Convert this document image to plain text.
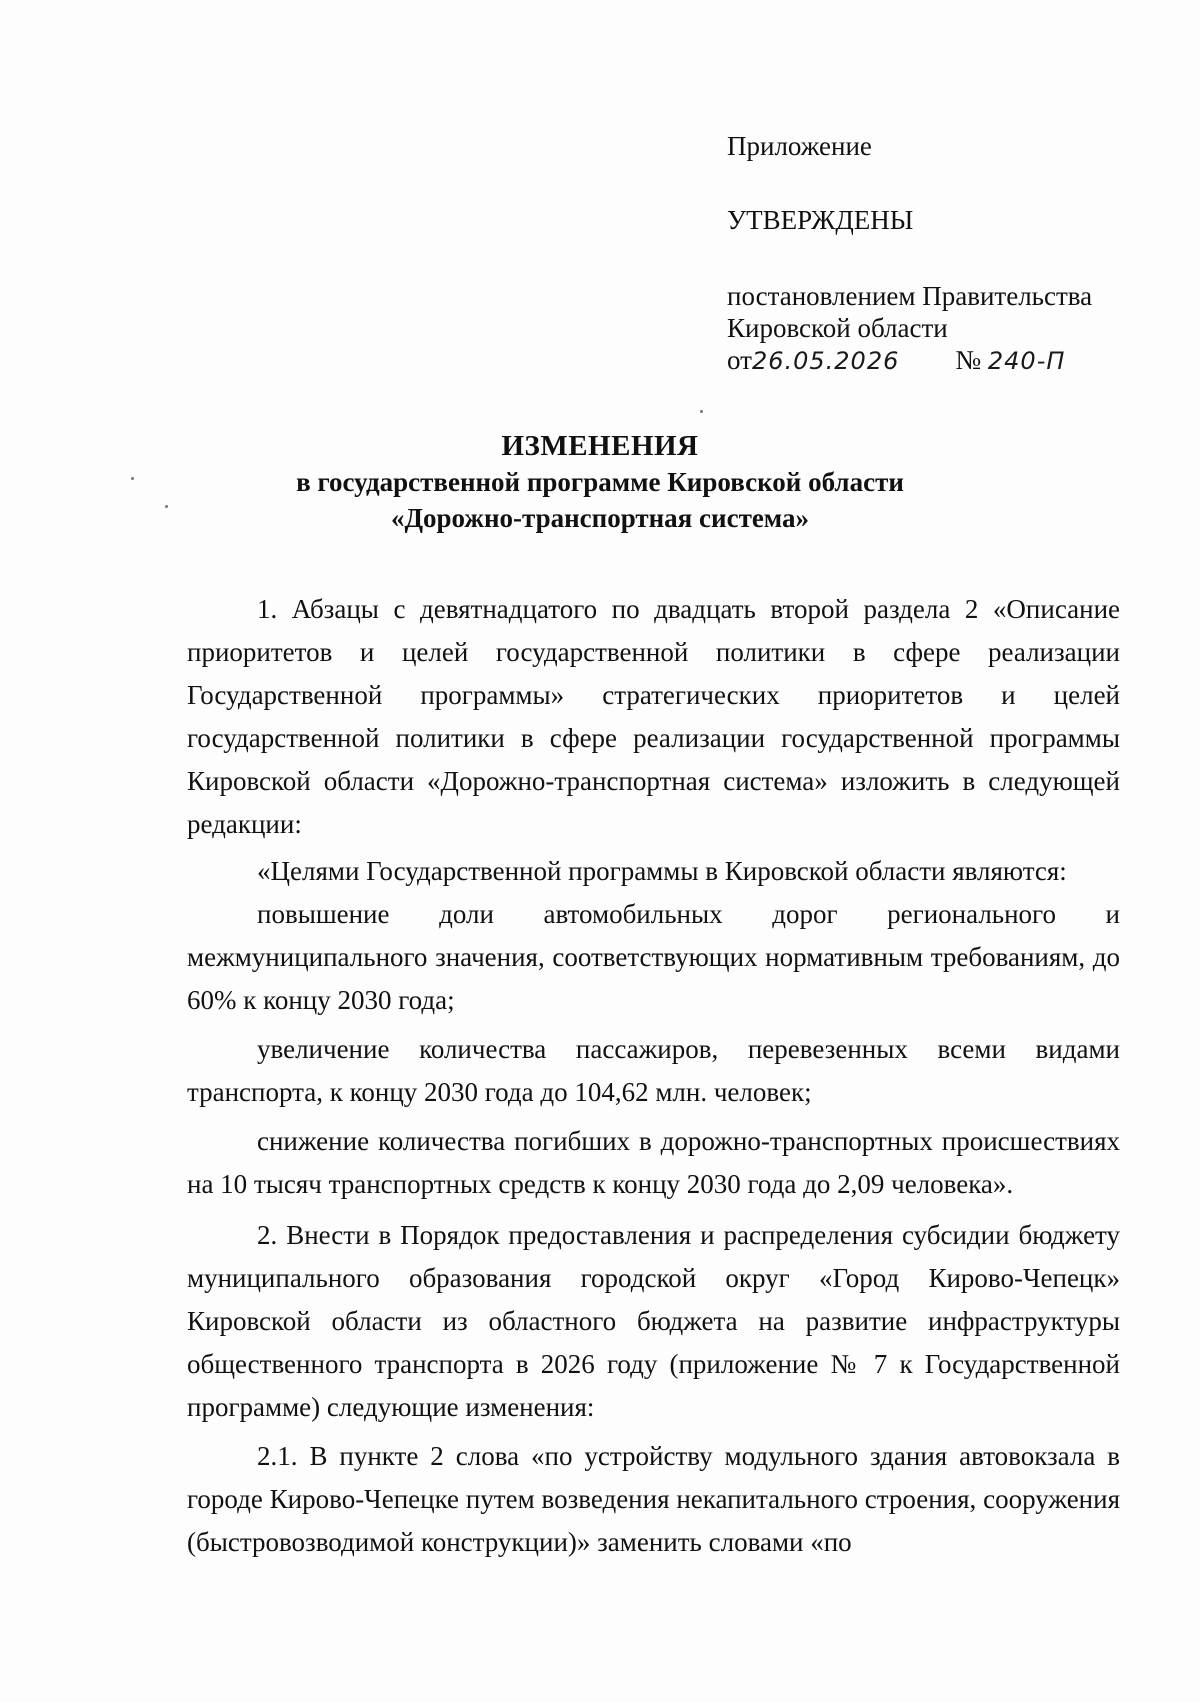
Приложение
УТВЕРЖДЕНЫ
постановлением Правительства
Кировской области
от26.05.2026 № 240-П
ИЗМЕНЕНИЯ
в государственной программе Кировской области
«Дорожно-транспортная система»

1. Абзацы с девятнадцатого по двадцать второй раздела 2 «Описание приоритетов и целей государственной политики в сфере реализации Государственной программы» стратегических приоритетов и целей государственной политики в сфере реализации государственной программы Кировской области «Дорожно-транспортная система» изложить в следующей редакции:

«Целями Государственной программы в Кировской области являются:

повышение доли автомобильных дорог регионального и межмуниципального значения, соответствующих нормативным требованиям, до 60% к концу 2030 года;

увеличение количества пассажиров, перевезенных всеми видами транспорта, к концу 2030 года до 104,62 млн. человек;

снижение количества погибших в дорожно-транспортных происшествиях на 10 тысяч транспортных средств к концу 2030 года до 2,09 человека».

2. Внести в Порядок предоставления и распределения субсидии бюджету муниципального образования городской округ «Город Кирово-Чепецк» Кировской области из областного бюджета на развитие инфраструктуры общественного транспорта в 2026 году (приложение № 7 к Государственной программе) следующие изменения:

2.1. В пункте 2 слова «по устройству модульного здания автовокзала в городе Кирово-Чепецке путем возведения некапитального строения, сооружения (быстровозводимой конструкции)» заменить словами «по
